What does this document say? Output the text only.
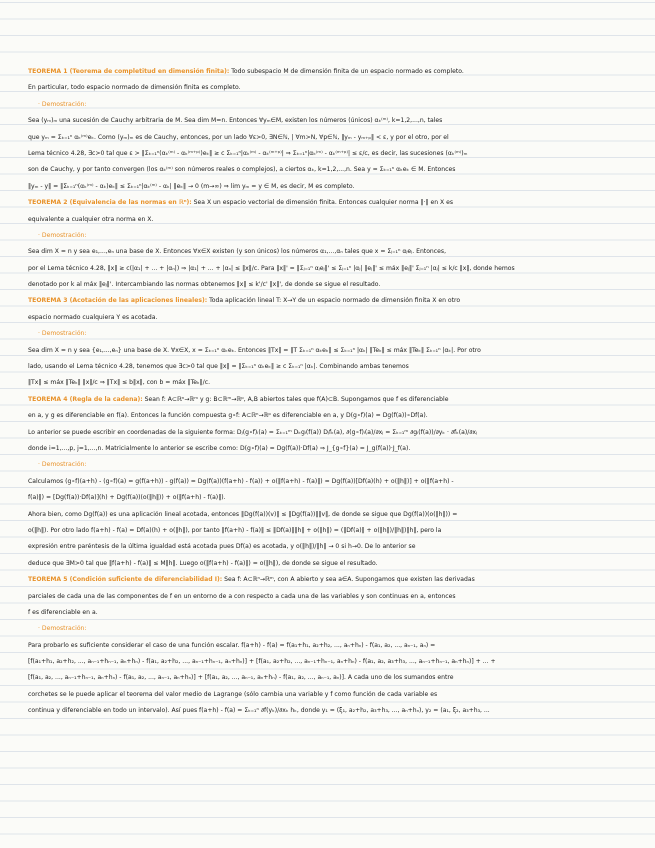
TEOREMA 1 (Teorema de completitud en dimensión finita): Todo subespacio M de dimensión finita de un espacio normado es completo.
En particular, todo espacio normado de dimensión finita es completo.
· Demostración:
Sea (yₘ)ₘ una sucesión de Cauchy arbitraria de M. Sea dim M=n. Entonces ∀yₘ∈M, existen los números (únicos) αₖ⁽ᵐ⁾, k=1,2,...,n, tales
que yₘ = Σₖ₌₁ⁿ αₖ⁽ᵐ⁾eₖ. Como (yₘ)ₘ es de Cauchy, entonces, por un lado ∀ε>0, ∃N∈ℕ, | ∀m>N, ∀p∈ℕ, ‖yₘ - yₘ₊ₚ‖ < ε, y por el otro, por el
Lema técnico 4.28, ∃c>0 tal que ε > ‖Σₖ₌₁ⁿ(αₖ⁽ᵐ⁾ - αₖ⁽ᵐ⁺ᵖ⁾)eₖ‖ ≥ c Σₖ₌₁ⁿ|αₖ⁽ᵐ⁾ - αₖ⁽ᵐ⁺ᵖ⁾| ⇒ Σₖ₌₁ⁿ|αₖ⁽ᵐ⁾ - αₖ⁽ᵐ⁺ᵖ⁾| ≤ ε/c, es decir, las sucesiones (αₖ⁽ᵐ⁾)ₘ
son de Cauchy, y por tanto convergen (los αₖ⁽ᵐ⁾ son números reales o complejos), a ciertos αₖ, k=1,2,...,n. Sea y = Σₖ₌₁ⁿ αₖeₖ ∈ M. Entonces
‖yₘ - y‖ = ‖Σₖ₌₁ⁿ(αₖ⁽ᵐ⁾ - αₖ)eₖ‖ ≤ Σₖ₌₁ⁿ|αₖ⁽ᵐ⁾ - αₖ| ‖eₖ‖ → 0 (m→∞) ⇒ lim yₘ = y ∈ M, es decir, M es completo.
TEOREMA 2 (Equivalencia de las normas en ℝⁿ): Sea X un espacio vectorial de dimensión finita. Entonces cualquier norma ‖·‖ en X es
equivalente a cualquier otra norma en X.
· Demostración:
Sea dim X = n y sea e₁,...,eₙ una base de X. Entonces ∀x∈X existen (y son únicos) los números α₁,...,αₙ tales que x = Σⱼ₌₁ⁿ αⱼeⱼ. Entonces,
por el Lema técnico 4.28, ‖x‖ ≥ c(|α₁| + ... + |αₙ|) ⇒ |α₁| + ... + |αₙ| ≤ ‖x‖/c. Para ‖x‖' = ‖Σⱼ₌₁ⁿ αⱼeⱼ‖' ≤ Σⱼ₌₁ⁿ |αⱼ| ‖eⱼ‖' ≤ máx ‖eⱼ‖' Σⱼ₌₁ⁿ |αⱼ| ≤ k/c ‖x‖, donde hemos
denotado por k al máx ‖eⱼ‖'. Intercambiando las normas obtenemos ‖x‖ ≤ k'/c' ‖x‖', de donde se sigue el resultado.
TEOREMA 3 (Acotación de las aplicaciones lineales): Toda aplicación lineal T: X→Y de un espacio normado de dimensión finita X en otro
espacio normado cualquiera Y es acotada.
· Demostración:
Sea dim X = n y sea {e₁,...,eₙ} una base de X. ∀x∈X, x = Σₖ₌₁ⁿ αₖeₖ. Entonces ‖Tx‖ = ‖T Σₖ₌₁ⁿ αₖeₖ‖ ≤ Σₖ₌₁ⁿ |αₖ| ‖Teₖ‖ ≤ máx ‖Teₖ‖ Σₖ₌₁ⁿ |αₖ|. Por otro
lado, usando el Lema técnico 4.28, tenemos que ∃c>0 tal que ‖x‖ = ‖Σₖ₌₁ⁿ αₖeₖ‖ ≥ c Σₖ₌₁ⁿ |αₖ|. Combinando ambas tenemos
‖Tx‖ ≤ máx ‖Teₖ‖ ‖x‖/c ⇒ ‖Tx‖ ≤ b‖x‖, con b = máx ‖Teₖ‖/c.
TEOREMA 4 (Regla de la cadena): Sean f: A⊂ℝⁿ→ℝᵐ y g: B⊂ℝᵐ→ℝᵖ, A,B abiertos tales que f(A)⊂B. Supongamos que f es diferenciable
en a, y g es diferenciable en f(a). Entonces la función compuesta g∘f: A⊂ℝⁿ→ℝᵖ es diferenciable en a, y D(g∘f)(a) = Dg(f(a))∘Df(a).
Lo anterior se puede escribir en coordenadas de la siguiente forma: Dⱼ(g∘f)ᵢ(a) = Σₖ₌₁ᵐ Dₖgᵢ(f(a)) Dⱼfₖ(a), ∂(g∘f)ᵢ(a)/∂xⱼ = Σₖ₌₁ᵐ ∂gᵢ(f(a))/∂yₖ · ∂fₖ(a)/∂xⱼ
donde i=1,...,p, j=1,...,n. Matricialmente lo anterior se escribe como: D(g∘f)(a) = Dg(f(a))·Df(a) ⇒ J_{g∘f}(a) = J_g(f(a))·J_f(a).
· Demostración:
Calculamos (g∘f)(a+h) - (g∘f)(a) = g(f(a+h)) - g(f(a)) = Dg(f(a))(f(a+h) - f(a)) + o(‖f(a+h) - f(a)‖) = Dg(f(a))[Df(a)(h) + o(‖h‖)] + o(‖f(a+h) -
f(a)‖) = [Dg(f(a))·Df(a)](h) + Dg(f(a))(o(‖h‖)) + o(‖f(a+h) - f(a)‖).
Ahora bien, como Dg(f(a)) es una aplicación lineal acotada, entonces ‖Dg(f(a))(v)‖ ≤ ‖Dg(f(a))‖‖v‖, de donde se sigue que Dg(f(a))(o(‖h‖)) =
o(‖h‖). Por otro lado f(a+h) - f(a) = Df(a)(h) + o(‖h‖), por tanto ‖f(a+h) - f(a)‖ ≤ ‖Df(a)‖‖h‖ + o(‖h‖) = (‖Df(a)‖ + o(‖h‖)/‖h‖)‖h‖, pero la
expresión entre paréntesis de la última igualdad está acotada pues Df(a) es acotada, y o(‖h‖)/‖h‖ → 0 si h→0. De lo anterior se
deduce que ∃M>0 tal que ‖f(a+h) - f(a)‖ ≤ M‖h‖. Luego o(‖f(a+h) - f(a)‖) = o(‖h‖), de donde se sigue el resultado.
TEOREMA 5 (Condición suficiente de diferenciabilidad I): Sea f: A⊂ℝⁿ→ℝᵐ, con A abierto y sea a∈A. Supongamos que existen las derivadas
parciales de cada una de las componentes de f en un entorno de a con respecto a cada una de las variables y son continuas en a, entonces
f es diferenciable en a.
· Demostración:
Para probarlo es suficiente considerar el caso de una función escalar. f(a+h) - f(a) = f(a₁+h₁, a₂+h₂, ..., aₙ+hₙ) - f(a₁, a₂, ..., aₙ₋₁, aₙ) =
[f(a₁+h₁, a₂+h₂, ..., aₙ₋₁+hₙ₋₁, aₙ+hₙ) - f(a₁, a₂+h₂, ..., aₙ₋₁+hₙ₋₁, aₙ+hₙ)] + [f(a₁, a₂+h₂, ..., aₙ₋₁+hₙ₋₁, aₙ+hₙ) - f(a₁, a₂, a₃+h₃, ..., aₙ₋₁+hₙ₋₁, aₙ+hₙ)] + ... +
[f(a₁, a₂, ..., aₙ₋₁+hₙ₋₁, aₙ+hₙ) - f(a₁, a₂, ..., aₙ₋₁, aₙ+hₙ)] + [f(a₁, a₂, ..., aₙ₋₁, aₙ+hₙ) - f(a₁, a₂, ..., aₙ₋₁, aₙ)]. A cada uno de los sumandos entre
corchetes se le puede aplicar el teorema del valor medio de Lagrange (sólo cambia una variable y f como función de cada variable es
continua y diferenciable en todo un intervalo). Así pues f(a+h) - f(a) = Σₖ₌₁ⁿ ∂f(yₖ)/∂xₖ hₖ, donde y₁ = (ξ₁, a₂+h₂, a₃+h₃, ..., aₙ+hₙ), y₂ = (a₁, ξ₂, a₃+h₃, ...
